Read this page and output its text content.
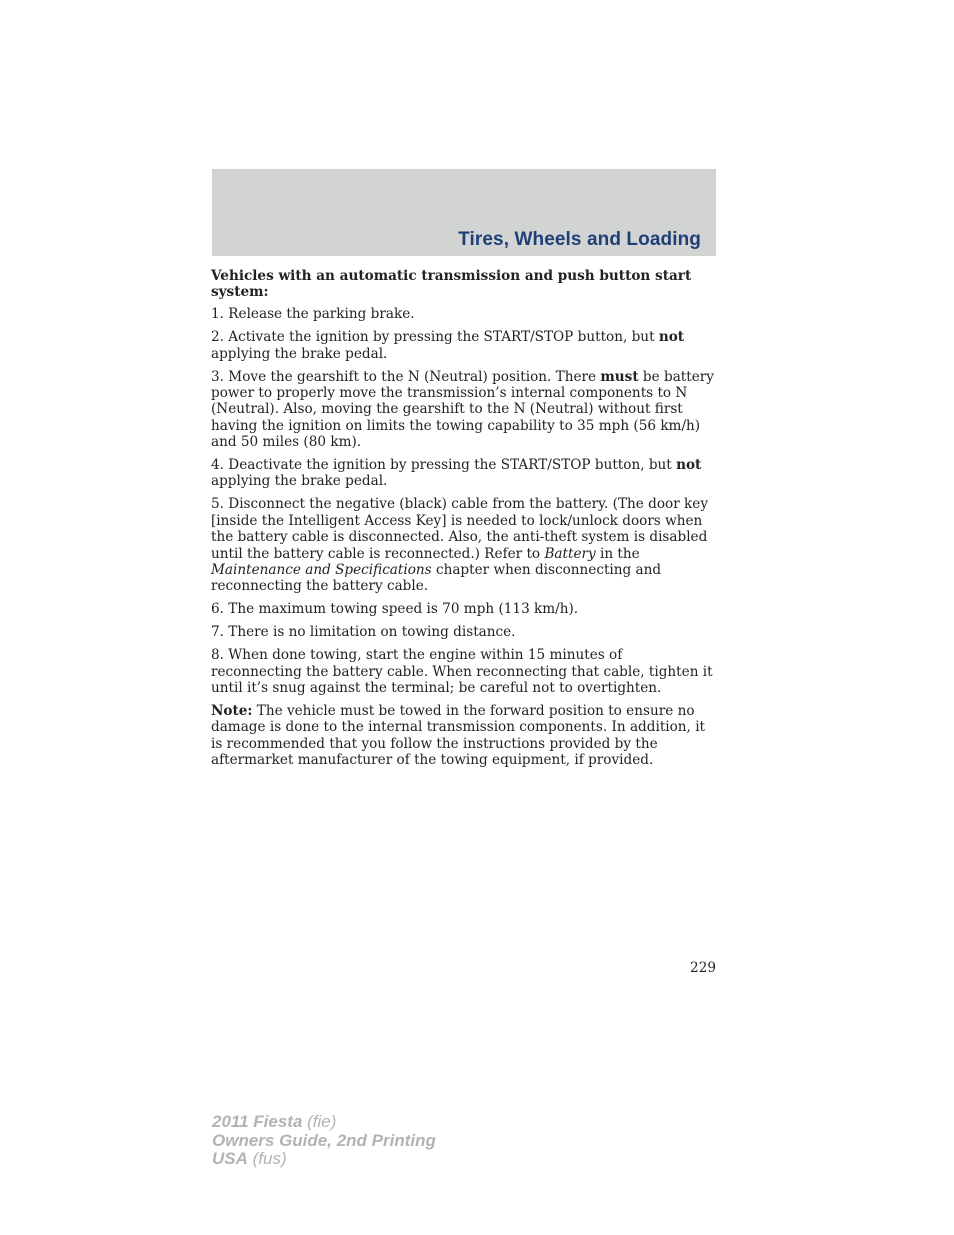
Tires, Wheels and Loading

Vehicles with an automatic transmission and push button start system:

1. Release the parking brake.

2. Activate the ignition by pressing the START/STOP button, but not applying the brake pedal.

3. Move the gearshift to the N (Neutral) position. There must be battery power to properly move the transmission’s internal components to N (Neutral). Also, moving the gearshift to the N (Neutral) without first having the ignition on limits the towing capability to 35 mph (56 km/h) and 50 miles (80 km).

4. Deactivate the ignition by pressing the START/STOP button, but not applying the brake pedal.

5. Disconnect the negative (black) cable from the battery. (The door key [inside the Intelligent Access Key] is needed to lock/unlock doors when the battery cable is disconnected. Also, the anti-theft system is disabled until the battery cable is reconnected.) Refer to Battery in the Maintenance and Specifications chapter when disconnecting and reconnecting the battery cable.

6. The maximum towing speed is 70 mph (113 km/h).

7. There is no limitation on towing distance.

8. When done towing, start the engine within 15 minutes of reconnecting the battery cable. When reconnecting that cable, tighten it until it’s snug against the terminal; be careful not to overtighten.

Note: The vehicle must be towed in the forward position to ensure no damage is done to the internal transmission components. In addition, it is recommended that you follow the instructions provided by the aftermarket manufacturer of the towing equipment, if provided.

229
2011 Fiesta (fie)
Owners Guide, 2nd Printing
USA (fus)
